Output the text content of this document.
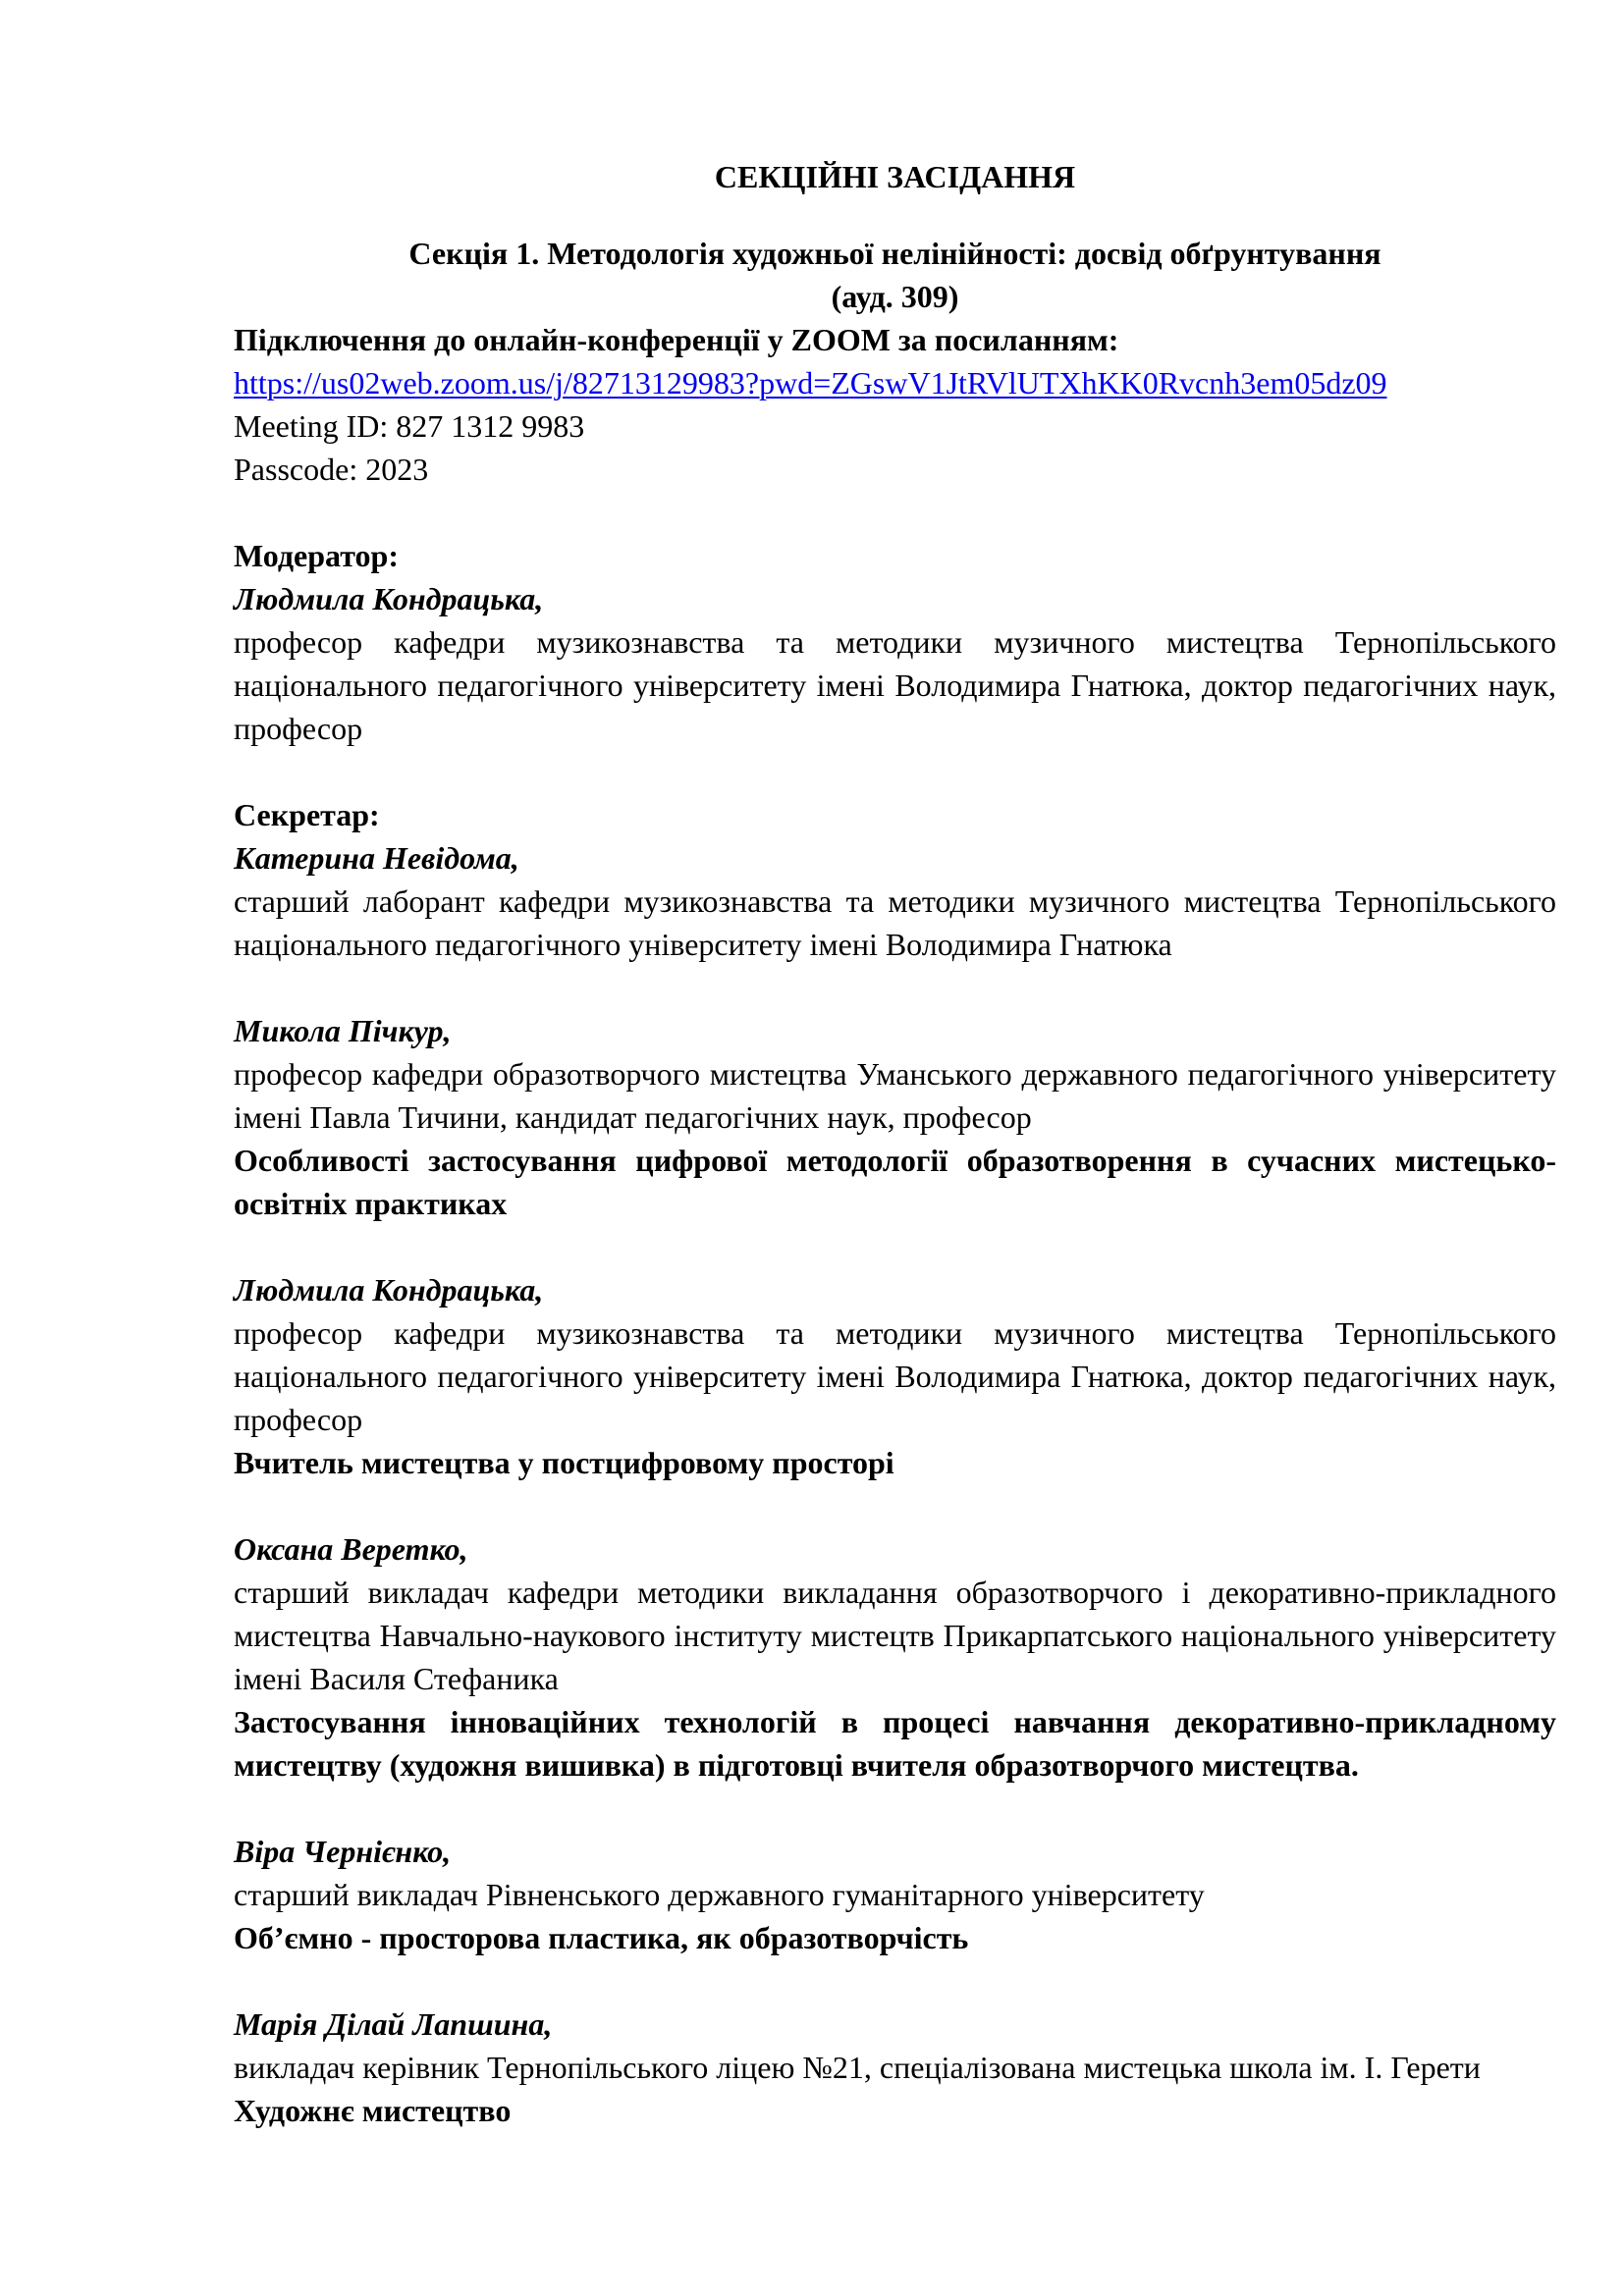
СЕКЦІЙНІ ЗАСІДАННЯ

Секція 1. Методологія художньої нелінійності: досвід обґрунтування

(ауд. 309)

Підключення до онлайн-конференції у ZOOM за посиланням:

https://us02web.zoom.us/j/82713129983?pwd=ZGswV1JtRVlUTXhKK0Rvcnh3em05dz09

Meeting ID: 827 1312 9983

Passcode: 2023

Модератор:

Людмила Кондрацька,

професор кафедри музикознавства та методики музичного мистецтва Тернопільського національного педагогічного університету імені Володимира Гнатюка, доктор педагогічних наук, професор

Секретар:

Катерина Невідома,

старший лаборант кафедри музикознавства та методики музичного мистецтва Тернопільського національного педагогічного університету імені Володимира Гнатюка

Микола Пічкур,

професор кафедри образотворчого мистецтва Уманського державного педагогічного університету імені Павла Тичини, кандидат педагогічних наук, професор

Особливості застосування цифрової методології образотворення в сучасних мистецько-освітніх практиках

Людмила Кондрацька,

професор кафедри музикознавства та методики музичного мистецтва Тернопільського національного педагогічного університету імені Володимира Гнатюка, доктор педагогічних наук, професор

Вчитель мистецтва у постцифровому просторі

Оксана Веретко,

старший викладач кафедри методики викладання образотворчого і декоративно-прикладного мистецтва Навчально-наукового інституту мистецтв Прикарпатського національного університету імені Василя Стефаника

Застосування інноваційних технологій в процесі навчання декоративно-прикладному мистецтву (художня вишивка) в підготовці вчителя образотворчого мистецтва.

Віра Чернієнко,

старший викладач Рівненського державного гуманітарного університету

Об’ємно - просторова пластика, як образотворчість

Марія Ділай Лапшина,

викладач керівник Тернопільського ліцею №21, спеціалізована мистецька школа ім. І. Герети

Художнє мистецтво
